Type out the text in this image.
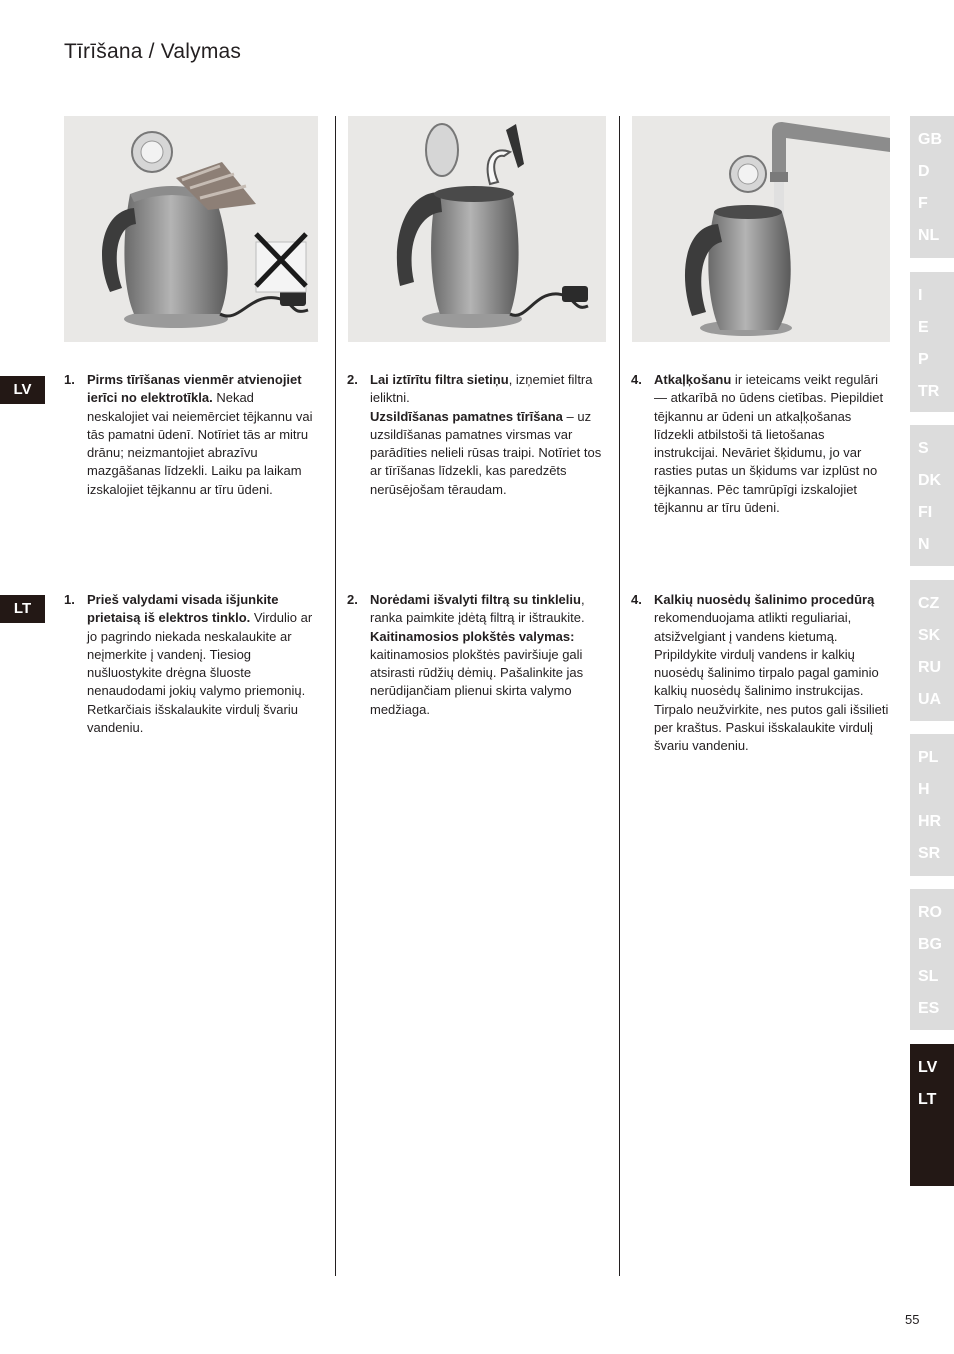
Tīrīšana / Valymas
LV
LT
1. Pirms tīrīšanas vienmēr atvienojiet ierīci no elektrotīkla. Nekad neskalojiet vai neiemērciet tējkannu vai tās pamatni ūdenī. Notīriet tās ar mitru drānu; neizmantojiet abrazīvu mazgāšanas līdzekli. Laiku pa laikam izskalojiet tējkannu ar tīru ūdeni.
2. Lai iztīrītu filtra sietiņu, izņemiet filtra ieliktni.
Uzsildīšanas pamatnes tīrīšana – uz uzsildīšanas pamatnes virsmas var parādīties nelieli rūsas traipi. Notīriet tos ar tīrīšanas līdzekli, kas paredzēts nerūsējošam tēraudam.
4. Atkaļķošanu ir ieteicams veikt regulāri — atkarībā no ūdens cietības. Piepildiet tējkannu ar ūdeni un atkaļķošanas līdzekli atbilstoši tā lietošanas instrukcijai. Nevāriet šķidumu, jo var rasties putas un šķidums var izplūst no tējkannas. Pēc tamrūpīgi izskalojiet tējkannu ar tīru ūdeni.
1. Prieš valydami visada išjunkite prietaisą iš elektros tinklo. Virdulio ar jo pagrindo niekada neskalaukite ar neįmerkite į vandenį. Tiesiog nušluostykite drėgna šluoste nenaudodami jokių valymo priemonių. Retkarčiais išskalaukite virdulį švariu vandeniu.
2. Norėdami išvalyti filtrą su tinkleliu, ranka paimkite įdėtą filtrą ir ištraukite.
Kaitinamosios plokštės valymas: kaitinamosios plokštės paviršiuje gali atsirasti rūdžių dėmių. Pašalinkite jas nerūdijančiam plienui skirta valymo medžiaga.
4. Kalkių nuosėdų šalinimo procedūrą rekomenduojama atlikti reguliariai, atsižvelgiant į vandens kietumą. Pripildykite virdulį vandens ir kalkių nuosėdų šalinimo tirpalo pagal gaminio kalkių nuosėdų šalinimo instrukcijas. Tirpalo neužvirkite, nes putos gali išsilieti per kraštus. Paskui išskalaukite virdulį švariu vandeniu.
GB
D
F
NL
I
E
P
TR
S
DK
FI
N
CZ
SK
RU
UA
PL
H
HR
SR
RO
BG
SL
ES
LV
LT
55
